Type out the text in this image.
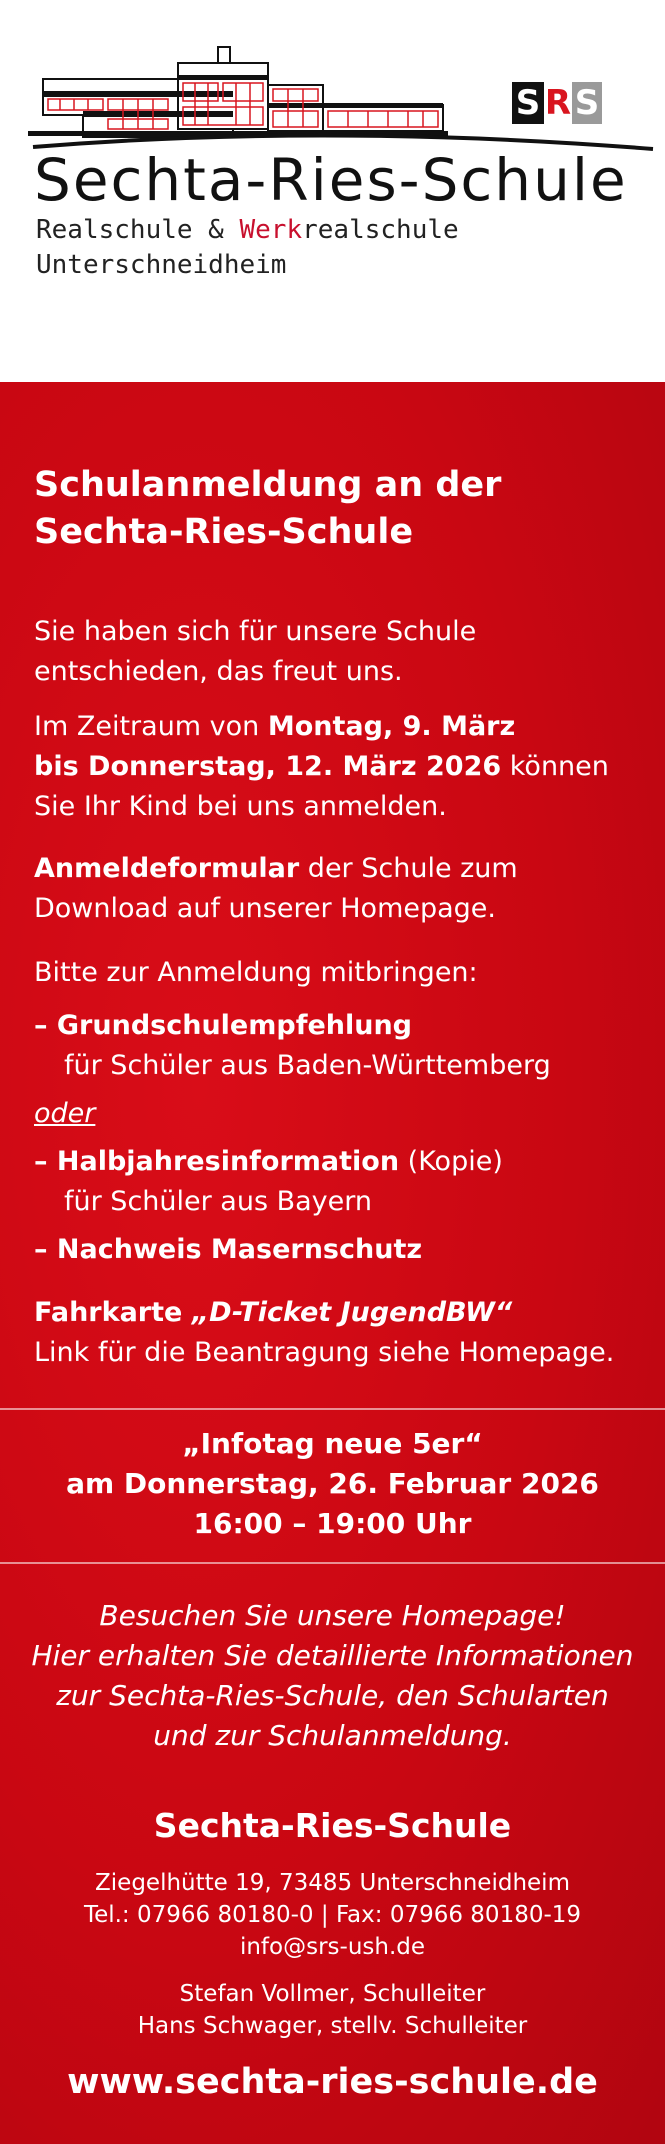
S R S
Sechta-Ries-Schule
Realschule & Werkrealschule
Unterschneidheim
Schulanmeldung an der
Sechta-Ries-Schule
Sie haben sich für unsere Schule
entschieden, das freut uns.
Im Zeitraum von Montag, 9. März
bis Donnerstag, 12. März 2026 können
Sie Ihr Kind bei uns anmelden.
Anmeldeformular der Schule zum
Download auf unserer Homepage.
Bitte zur Anmeldung mitbringen:
– Grundschulempfehlung
für Schüler aus Baden-Württemberg
oder
– Halbjahresinformation (Kopie)
für Schüler aus Bayern
– Nachweis Masernschutz
Fahrkarte „D-Ticket JugendBW“
Link für die Beantragung siehe Homepage.
„Infotag neue 5er“
am Donnerstag, 26. Februar 2026
16:00 – 19:00 Uhr
Besuchen Sie unsere Homepage!
Hier erhalten Sie detaillierte Informationen
zur Sechta-Ries-Schule, den Schularten
und zur Schulanmeldung.
Sechta-Ries-Schule
Ziegelhütte 19, 73485 Unterschneidheim
Tel.: 07966 80180-0 | Fax: 07966 80180-19
info@srs-ush.de
Stefan Vollmer, Schulleiter
Hans Schwager, stellv. Schulleiter
www.sechta-ries-schule.de
